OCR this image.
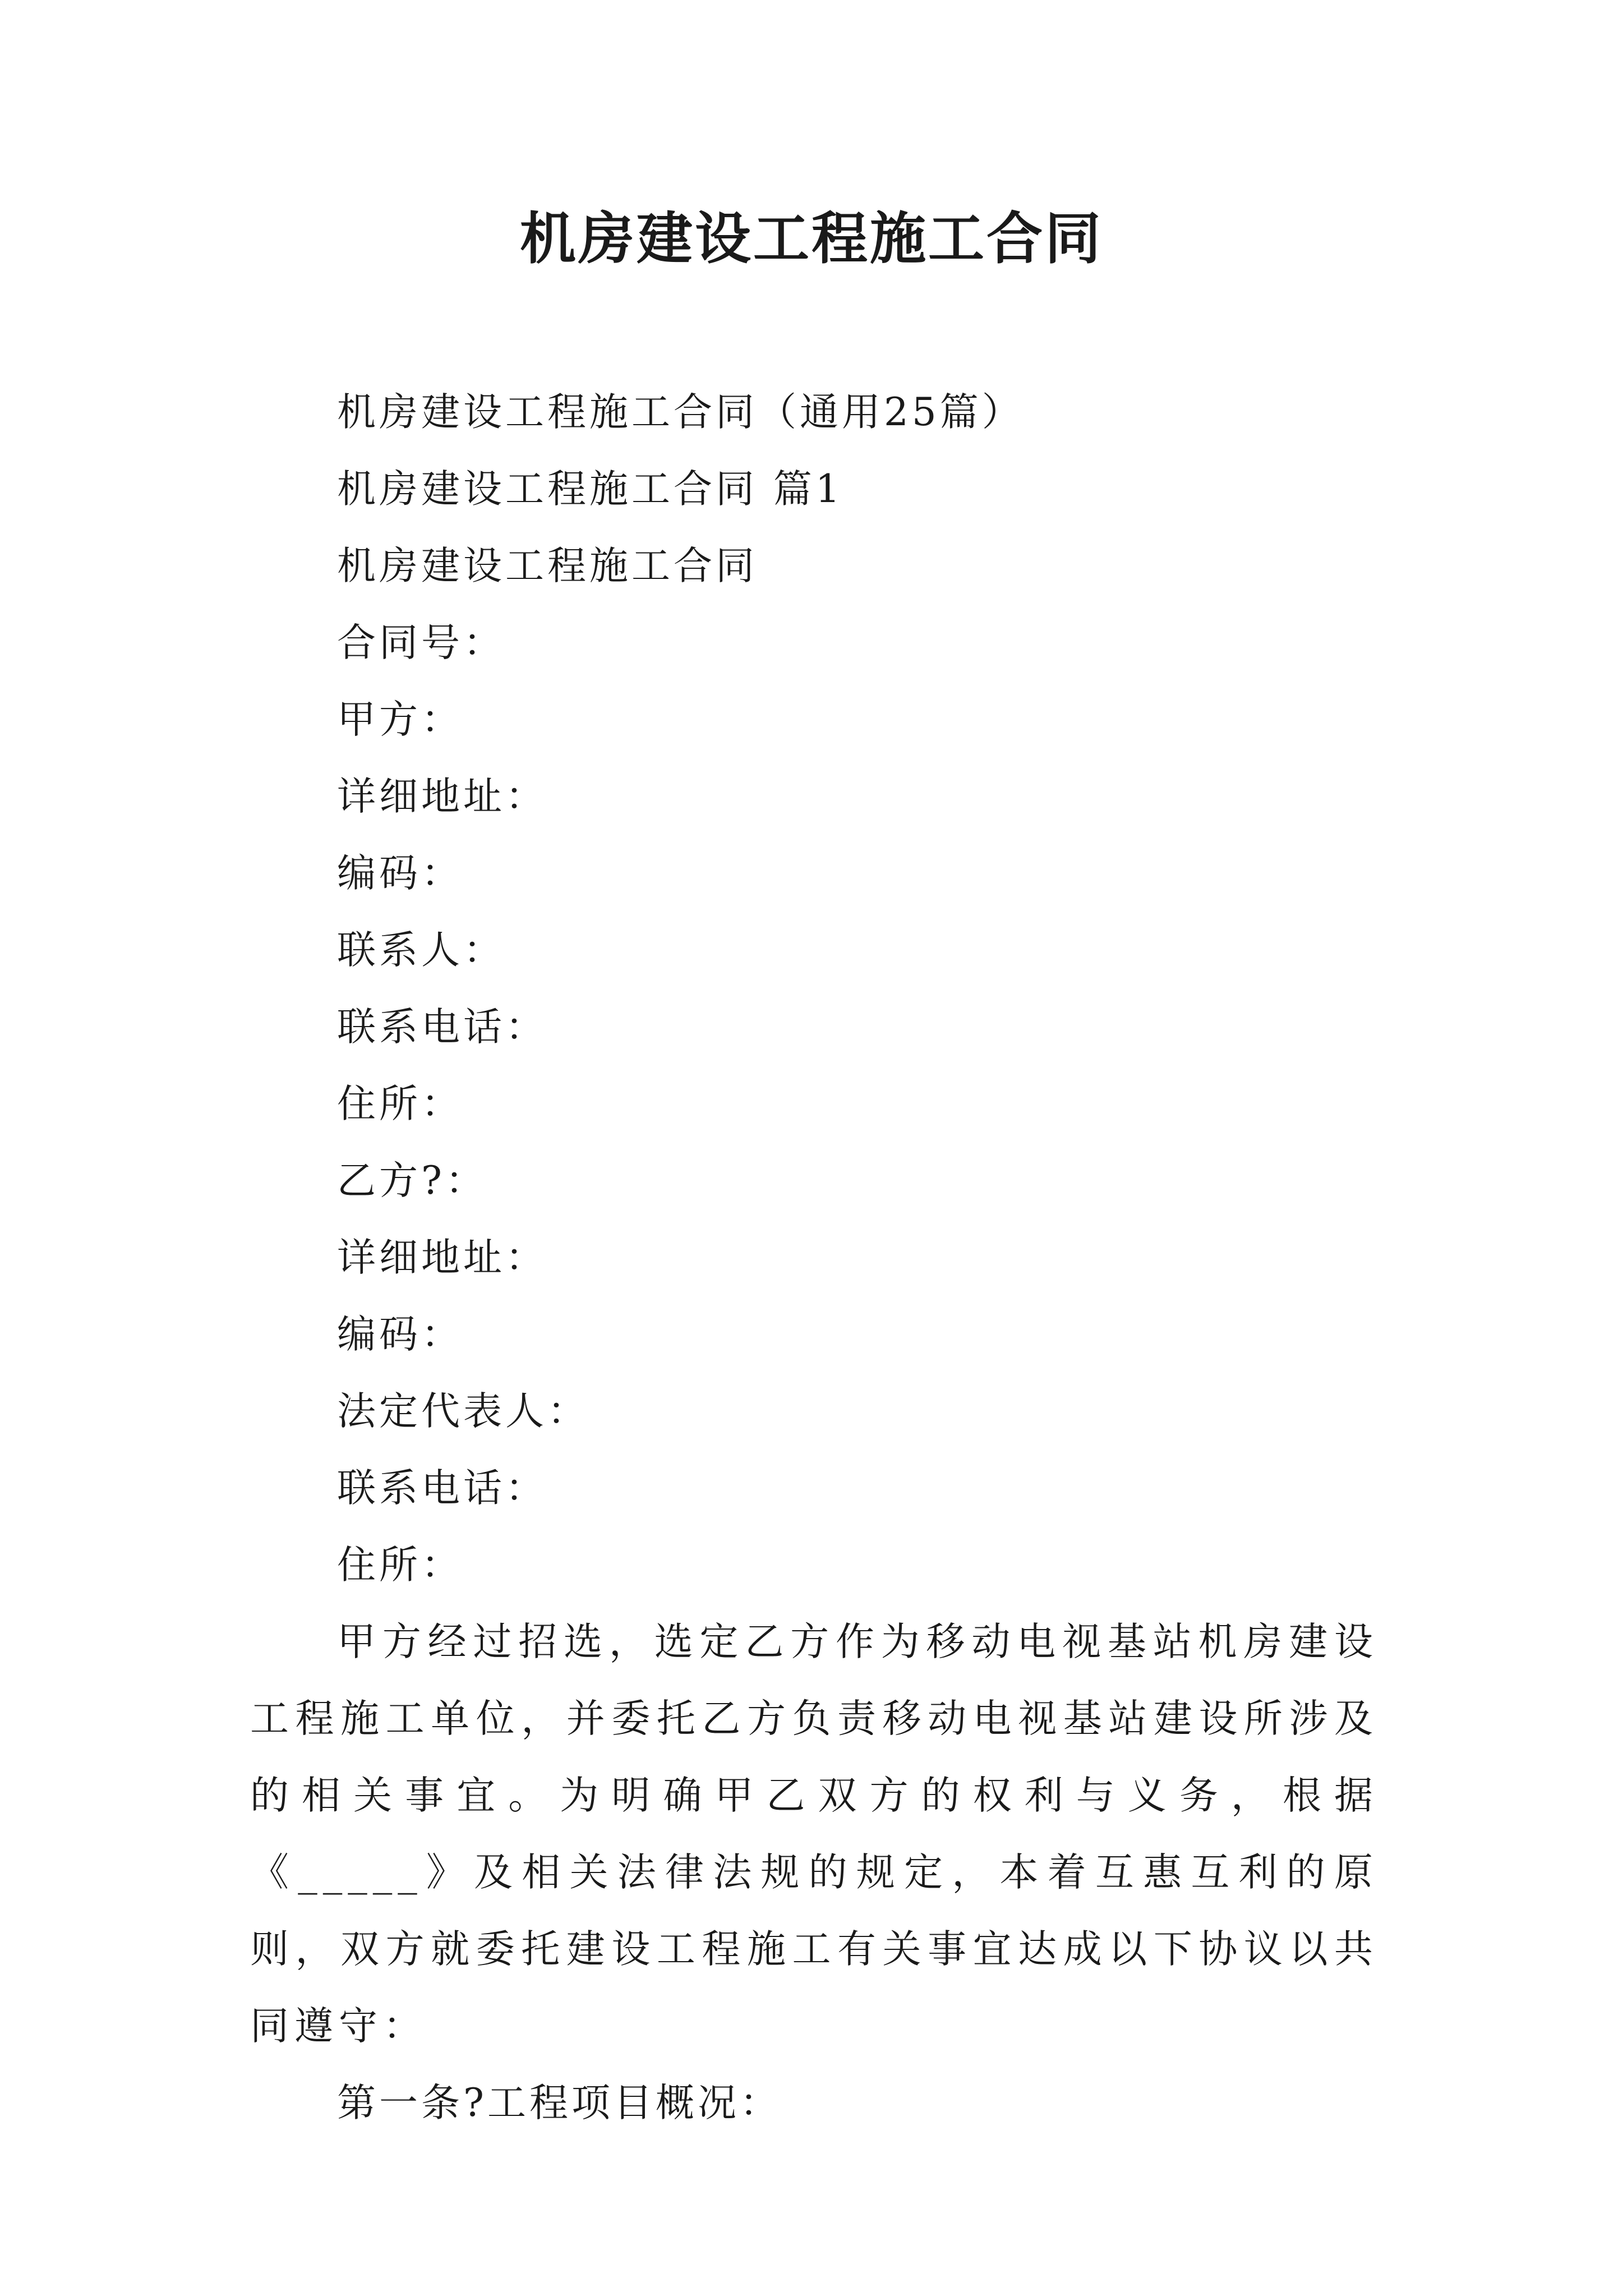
机房建设工程施工合同
机房建设工程施工合同（通用25篇）
机房建设工程施工合同 篇1
机房建设工程施工合同
合同号：
甲方：
详细地址：
编码：
联系人：
联系电话：
住所：
乙方?：
详细地址：
编码：
法定代表人：
联系电话：
住所：

甲方经过招选，选定乙方作为移动电视基站机房建设工程施工单位，并委托乙方负责移动电视基站建设所涉及的相关事宜。为明确甲乙双方的权利与义务，根据《_____》及相关法律法规的规定，本着互惠互利的原则，双方就委托建设工程施工有关事宜达成以下协议以共同遵守：

第一条?工程项目概况：
